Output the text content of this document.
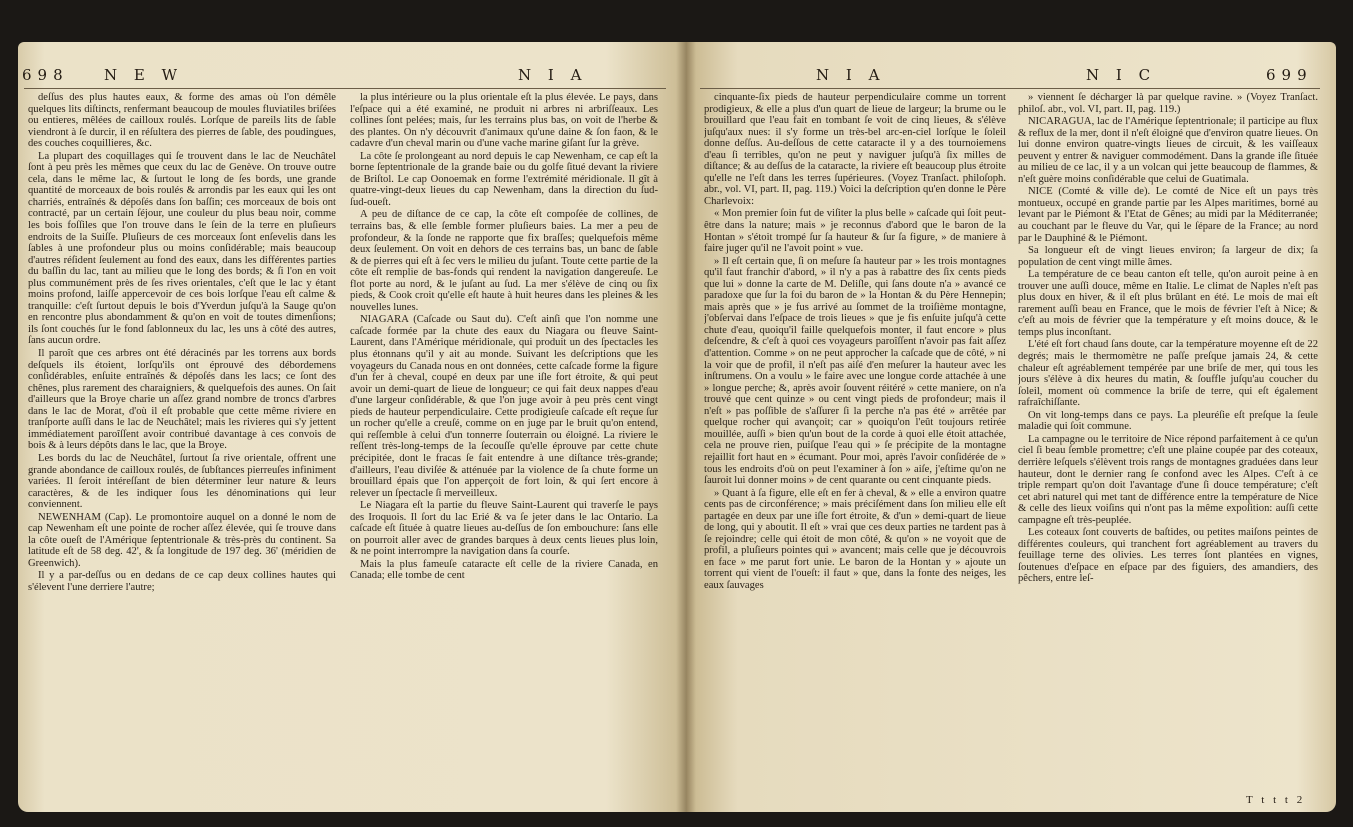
698 N E W	N I A

deſſus des plus hautes eaux, & forme des amas où l'on démêle quelques lits diſtincts, renfermant beaucoup de moules fluviatiles briſées ou entieres, mêlées de cailloux roulés. Lorſque de pareils lits de ſable viendront à ſe durcir, il en réſultera des pierres de ſable, des poudingues, des couches coquillieres, &c.

La plupart des coquillages qui ſe trouvent dans le lac de Neuchâtel ſont à peu près les mêmes que ceux du lac de Genève. On trouve outre cela, dans le même lac, & ſurtout le long de ſes bords, une grande quantité de morceaux de bois roulés & arrondis par les eaux qui les ont charriés, entraînés & dépoſés dans ſon baſſin; ces morceaux de bois ont contracté, par un certain ſéjour, une couleur du plus beau noir, comme les bois foſſiles que l'on trouve dans le ſein de la terre en pluſieurs endroits de la Suiſſe. Pluſieurs de ces morceaux ſont enſevelis dans les ſables à une profondeur plus ou moins conſidérable; mais beaucoup d'autres réſident ſeulement au fond des eaux, dans les différentes parties du baſſin du lac, tant au milieu que le long des bords; & ſi l'on en voit plus communément près de ſes rives orientales, c'eſt que le lac y étant moins profond, laiſſe appercevoir de ces bois lorſque l'eau eſt calme & tranquille: c'eſt ſurtout depuis le bois d'Yverdun juſqu'à la Sauge qu'on en rencontre plus abondamment & qu'on en voit de toutes dimenſions; ils ſont couchés ſur le fond ſablonneux du lac, les uns à côté des autres, ſans aucun ordre.

Il paroît que ces arbres ont été déracinés par les torrens aux bords deſquels ils étoient, lorſqu'ils ont éprouvé des débordemens conſidérables, enſuite entraînés & dépoſés dans les lacs; ce ſont des chênes, plus rarement des charaigniers, & quelquefois des aunes. On ſait d'ailleurs que la Broye charie un aſſez grand nombre de troncs d'arbres dans le lac de Morat, d'où il eſt probable que cette même riviere en tranſporte auſſi dans le lac de Neuchâtel; mais les rivieres qui s'y jettent immédiatement paroîſſent avoir contribué davantage à ces convois de bois & à leurs dépôts dans le lac, que la Broye.

Les bords du lac de Neuchâtel, ſurtout ſa rive orientale, offrent une grande abondance de cailloux roulés, de ſubſtances pierreuſes infiniment variées. Il ſeroit intéreſſant de bien déterminer leur nature & leurs caractères, & de les indiquer ſous les dénominations qui leur conviennent.

NEWENHAM (Cap). Le promontoire auquel on a donné le nom de cap Newenham eſt une pointe de rocher aſſez élevée, qui ſe trouve dans la côte oueſt de l'Amérique ſeptentrionale & très-près du continent. Sa latitude eſt de 58 deg. 42', & ſa longitude de 197 deg. 36' (méridien de Greenwich).

Il y a par-deſſus ou en dedans de ce cap deux collines hautes qui s'élevent l'une derriere l'autre;

la plus intérieure ou la plus orientale eſt la plus élevée. Le pays, dans l'eſpace qui a été examiné, ne produit ni arbres ni arbriſſeaux. Les collines ſont pelées; mais, ſur les terrains plus bas, on voit de l'herbe & des plantes. On n'y découvrit d'animaux qu'une daine & ſon faon, & le cadavre d'un cheval marin ou d'une vache marine giſant ſur la grève.

La côte ſe prolongeant au nord depuis le cap Newenham, ce cap eſt la borne ſeptentrionale de la grande baie ou du golfe ſitué devant la riviere de Briſtol. Le cap Oonoemak en forme l'extrémité méridionale. Il gît à quatre-vingt-deux lieues du cap Newenham, dans la direction du ſud-ſud-oueſt.

A peu de diſtance de ce cap, la côte eſt compoſée de collines, de terrains bas, & elle ſemble former pluſieurs baies. La mer a peu de profondeur, & la ſonde ne rapporte que fix braſſes; quelquefois même deux ſeulement. On voit en dehors de ces terrains bas, un banc de ſable & de pierres qui eſt à ſec vers le milieu du juſant. Toute cette partie de la côte eſt remplie de bas-fonds qui rendent la navigation dangereuſe. Le flot porte au nord, & le juſant au ſud. La mer s'élève de cinq ou ſix pieds, & Cook croit qu'elle eſt haute à huit heures dans les pleines & les nouvelles lunes.

NIAGARA (Caſcade ou Saut du). C'eſt ainſi que l'on nomme une caſcade formée par la chute des eaux du Niagara ou fleuve Saint-Laurent, dans l'Amérique méridionale, qui produit un des ſpectacles les plus étonnans qu'il y ait au monde. Suivant les deſcriptions que les voyageurs du Canada nous en ont données, cette caſcade forme la figure d'un fer à cheval, coupé en deux par une iſle fort étroite, & qui peut avoir un demi-quart de lieue de longueur; ce qui fait deux nappes d'eau d'une largeur conſidérable, & que l'on juge avoir à peu près cent vingt pieds de hauteur perpendiculaire. Cette prodigieuſe caſcade eſt reçue ſur un rocher qu'elle a creuſé, comme on en juge par le bruit qu'on entend, qui reſſemble à celui d'un tonnerre ſouterrain ou éloigné. La riviere le reſſent très-long-temps de la ſecouſſe qu'elle éprouve par cette chute précipitée, dont le fracas ſe fait entendre à une diſtance très-grande; d'ailleurs, l'eau diviſée & atténuée par la violence de ſa chute forme un brouillard épais que l'on apperçoit de fort loin, & qui ſert encore à relever un ſpectacle ſi merveilleux.

Le Niagara eſt la partie du fleuve Saint-Laurent qui traverſe le pays des Iroquois. Il ſort du lac Erié & va ſe jeter dans le lac Ontario. La caſcade eſt ſituée à quatre lieues au-deſſus de ſon embouchure: ſans elle on pourroit aller avec de grandes barques à deux cents lieues plus loin, & ne point interrompre la navigation dans ſa courſe.

Mais la plus fameuſe cataracte eſt celle de la riviere Canada, en Canada; elle tombe de cent

N I A	N I C	699

cinquante-ſix pieds de hauteur perpendiculaire comme un torrent prodigieux, & elle a plus d'un quart de lieue de largeur; la brume ou le brouillard que l'eau fait en tombant ſe voit de cinq lieues, & s'élève juſqu'aux nues: il s'y forme un très-bel arc-en-ciel lorſque le ſoleil donne deſſus. Au-deſſous de cette cataracte il y a des tournoiemens d'eau ſi terribles, qu'on ne peut y naviguer juſqu'à ſix milles de diſtance; & au deſſus de la cataracte, la riviere eſt beaucoup plus étroite qu'elle ne l'eſt dans les terres ſupérieures. (Voyez Tranſact. philoſoph. abr., vol. VI, part. II, pag. 119.) Voici la deſcription qu'en donne le Père Charlevoix:

« Mon premier ſoin fut de viſiter la plus belle » caſcade qui ſoit peut-être dans la nature; mais » je reconnus d'abord que le baron de la Hontan » s'étoit trompé ſur ſa hauteur & ſur ſa figure, » de maniere à faire juger qu'il ne l'avoit point » vue.

» Il eſt certain que, ſi on meſure ſa hauteur par » les trois montagnes qu'il faut franchir d'abord, » il n'y a pas à rabattre des ſix cents pieds que lui » donne la carte de M. Deliſle, qui ſans doute n'a » avancé ce paradoxe que ſur la foi du baron de » la Hontan & du Père Hennepin; mais après que » je fus arrivé au ſommet de la troiſième montagne, j'obſervai dans l'eſpace de trois lieues » que je fis enſuite juſqu'à cette chute d'eau, quoiqu'il faille quelquefois monter, il faut encore » plus deſcendre, & c'eſt à quoi ces voyageurs paroîſſent n'avoir pas fait aſſez d'attention. Comme » on ne peut approcher la caſcade que de côté, » ni la voir que de profil, il n'eſt pas aiſé d'en meſurer la hauteur avec les inſtrumens. On a voulu » le faire avec une longue corde attachée à une » longue perche; &, après avoir ſouvent réitéré » cette maniere, on n'a trouvé que cent quinze » ou cent vingt pieds de profondeur; mais il n'eſt » pas poſſible de s'aſſurer ſi la perche n'a pas été » arrêtée par quelque rocher qui avançoit; car » quoiqu'on l'eût toujours retirée mouillée, auſſi » bien qu'un bout de la corde à quoi elle étoit attachée, cela ne prouve rien, puiſque l'eau qui » ſe précipite de la montagne rejaillit fort haut en » écumant. Pour moi, après l'avoir conſidérée de » tous les endroits d'où on peut l'examiner à ſon » aiſe, j'eſtime qu'on ne ſauroit lui donner moins » de cent quarante ou cent cinquante pieds.

» Quant à ſa figure, elle eſt en fer à cheval, & » elle a environ quatre cents pas de circonférence; » mais préciſément dans ſon milieu elle eſt partagée en deux par une iſle fort étroite, & d'un » demi-quart de lieue de long, qui y aboutit. Il eſt » vrai que ces deux parties ne tardent pas à ſe rejoindre; celle qui étoit de mon côté, & qu'on » ne voyoit que de profil, a pluſieurs pointes qui » avancent; mais celle que je découvrois en face » me parut fort unie. Le baron de la Hontan y » ajoute un torrent qui vient de l'oueſt: il faut » que, dans la fonte des neiges, les eaux ſauvages

» viennent ſe décharger là par quelque ravine. » (Voyez Tranſact. philoſ. abr., vol. VI, part. II, pag. 119.)

NICARAGUA, lac de l'Amérique ſeptentrionale; il participe au flux & reflux de la mer, dont il n'eſt éloigné que d'environ quatre lieues. On lui donne environ quatre-vingts lieues de circuit, & les vaiſſeaux peuvent y entrer & naviguer commodément. Dans la grande iſle ſituée au milieu de ce lac, il y a un volcan qui jette beaucoup de flammes, & n'eſt guère moins conſidérable que celui de Guatimala.

NICE (Comté & ville de). Le comté de Nice eſt un pays très montueux, occupé en grande partie par les Alpes maritimes, borné au levant par le Piémont & l'Etat de Gênes; au midi par la Méditerranée; au couchant par le fleuve du Var, qui le ſépare de la France; au nord par le Dauphiné & le Piémont.

Sa longueur eſt de vingt lieues environ; ſa largeur de dix; ſa population de cent vingt mille âmes.

La température de ce beau canton eſt telle, qu'on auroit peine à en trouver une auſſi douce, même en Italie. Le climat de Naples n'eſt pas plus doux en hiver, & il eſt plus brûlant en été. Le mois de mai eſt rarement auſſi beau en France, que le mois de février l'eſt à Nice; & c'eſt au mois de février que la température y eſt moins douce, & le temps plus inconſtant.

L'été eſt fort chaud ſans doute, car la température moyenne eſt de 22 degrés; mais le thermomètre ne paſſe preſque jamais 24, & cette chaleur eſt agréablement tempérée par une briſe de mer, qui tous les jours s'élève à dix heures du matin, & ſouffle juſqu'au coucher du ſoleil, moment où commence la briſe de terre, qui eſt également rafraîchiſſante.

On vit long-temps dans ce pays. La pleuréſie eſt preſque la ſeule maladie qui ſoit commune.

La campagne ou le territoire de Nice répond parfaitement à ce qu'un ciel ſi beau ſemble promettre; c'eſt une plaine coupée par des coteaux, derrière leſquels s'élèvent trois rangs de montagnes graduées dans leur hauteur, dont le dernier rang ſe confond avec les Alpes. C'eſt à ce triple rempart qu'on doit l'avantage d'une ſi douce température; c'eſt cet abri naturel qui met tant de différence entre la température de Nice & celle des lieux voiſins qui n'ont pas la même expoſition: auſſi cette campagne eſt très-peuplée.

Les coteaux ſont couverts de baſtides, ou petites maiſons peintes de différentes couleurs, qui tranchent fort agréablement au travers du feuillage terne des olivies. Les terres ſont plantées en vignes, ſoutenues d'eſpace en eſpace par des figuiers, des amandiers, des pêchers, entre leſ-

T t t t 2
